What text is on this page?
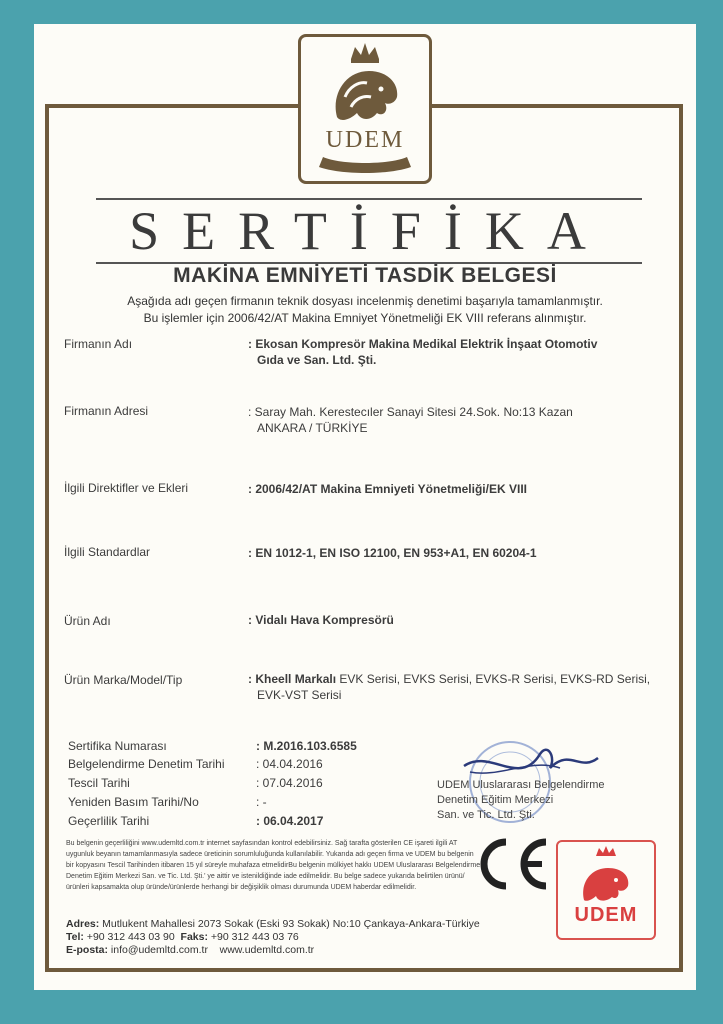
UDEM
SERTİFİKA
MAKİNA EMNİYETİ TASDİK BELGESİ
Aşağıda adı geçen firmanın teknik dosyası incelenmiş denetimi başarıyla tamamlanmıştır.
Bu işlemler için 2006/42/AT Makina Emniyet Yönetmeliği EK VIII referans alınmıştır.
Firmanın Adı	: Ekosan Kompresör Makina Medikal Elektrik İnşaat Otomotiv
Gıda ve San. Ltd. Şti.
Firmanın Adresi	: Saray Mah. Kerestecıler Sanayi Sitesi 24.Sok. No:13 Kazan
ANKARA / TÜRKİYE
İlgili Direktifler ve Ekleri	: 2006/42/AT Makina Emniyeti Yönetmeliği/EK VIII
İlgili Standardlar	: EN 1012-1, EN ISO 12100, EN 953+A1, EN 60204-1
Ürün Adı	: Vidalı Hava Kompresörü
Ürün Marka/Model/Tip	: Kheell Markalı EVK Serisi, EVKS Serisi, EVKS-R Serisi, EVKS-RD Serisi,
EVK-VST Serisi
Sertifika Numarası	: M.2016.103.6585
Belgelendirme Denetim Tarihi	: 04.04.2016
Tescil Tarihi	: 07.04.2016
Yeniden Basım Tarihi/No	: -
Geçerlilik Tarihi	: 06.04.2017
UDEM Uluslararası Belgelendirme
Denetim Eğitim Merkezi
San. ve Tic. Ltd. Şti.
Bu belgenin geçerliliğini www.udemltd.com.tr internet sayfasından kontrol edebilirsiniz. Sağ tarafta gösterilen CE işareti ilgili AT uygunluk beyanın tamamlanmasıyla sadece üreticinin sorumluluğunda kullanılabilir. Yukarıda adı geçen firma ve UDEM bu belgenin bir kopyasını Tescil Tarihinden itibaren 15 yıl süreyle muhafaza etmelidirBu belgenin mülkiyet hakkı UDEM Uluslararası Belgelendirme Denetim Eğitim Merkezi San. ve Tic. Ltd. Şti.' ye aittir ve istenildiğinde iade edilmelidir. Bu belge sadece yukarıda belirtilen ürünü/ürünleri kapsamakta olup üründe/ürünlerde herhangi bir değişiklik olması durumunda UDEM haberdar edilmelidir.
UDEM
Adres: Mutlukent Mahallesi 2073 Sokak (Eski 93 Sokak) No:10 Çankaya-Ankara-Türkiye
Tel: +90 312 443 03 90 Faks: +90 312 443 03 76
E-posta: info@udemltd.com.tr www.udemltd.com.tr
